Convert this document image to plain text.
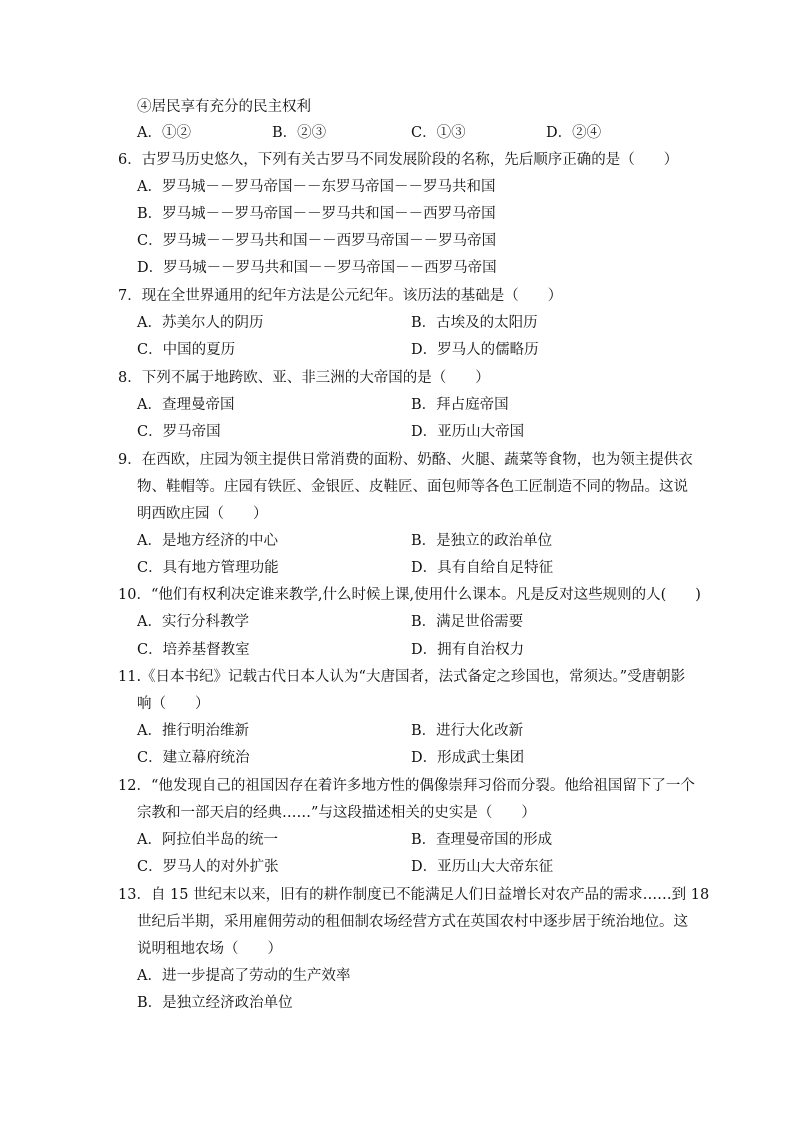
④居民享有充分的民主权利
A．①②	B．②③	C．①③	D．②④
6．古罗马历史悠久，下列有关古罗马不同发展阶段的名称，先后顺序正确的是（　　）
A．罗马城－－罗马帝国－－东罗马帝国－－罗马共和国
B．罗马城－－罗马帝国－－罗马共和国－－西罗马帝国
C．罗马城－－罗马共和国－－西罗马帝国－－罗马帝国
D．罗马城－－罗马共和国－－罗马帝国－－西罗马帝国
7．现在全世界通用的纪年方法是公元纪年。该历法的基础是（　　）
A．苏美尔人的阴历	B．古埃及的太阳历
C．中国的夏历	D．罗马人的儒略历
8．下列不属于地跨欧、亚、非三洲的大帝国的是（　　）
A．查理曼帝国	B．拜占庭帝国
C．罗马帝国	D．亚历山大帝国
9．在西欧，庄园为领主提供日常消费的面粉、奶酪、火腿、蔬菜等食物，也为领主提供衣
物、鞋帽等。庄园有铁匠、金银匠、皮鞋匠、面包师等各色工匠制造不同的物品。这说
明西欧庄园（　　）
A．是地方经济的中心	B．是独立的政治单位
C．具有地方管理功能	D．具有自给自足特征
10．“他们有权利决定谁来教学,什么时候上课,使用什么课本。凡是反对这些规则的人(　　)
A．实行分科教学	B．满足世俗需要
C．培养基督教室	D．拥有自治权力
11.《日本书纪》记载古代日本人认为“大唐国者，法式备定之珍国也，常须达。”受唐朝影
响（　　）
A．推行明治维新	B．进行大化改新
C．建立幕府统治	D．形成武士集团
12．“他发现自己的祖国因存在着许多地方性的偶像崇拜习俗而分裂。他给祖国留下了一个
宗教和一部天启的经典……”与这段描述相关的史实是（　　）
A．阿拉伯半岛的统一	B．查理曼帝国的形成
C．罗马人的对外扩张	D．亚历山大大帝东征
13．自 15 世纪末以来，旧有的耕作制度已不能满足人们日益增长对农产品的需求……到 18
世纪后半期，采用雇佣劳动的租佃制农场经营方式在英国农村中逐步居于统治地位。这
说明租地农场（　　）
A．进一步提高了劳动的生产效率
B．是独立经济政治单位
